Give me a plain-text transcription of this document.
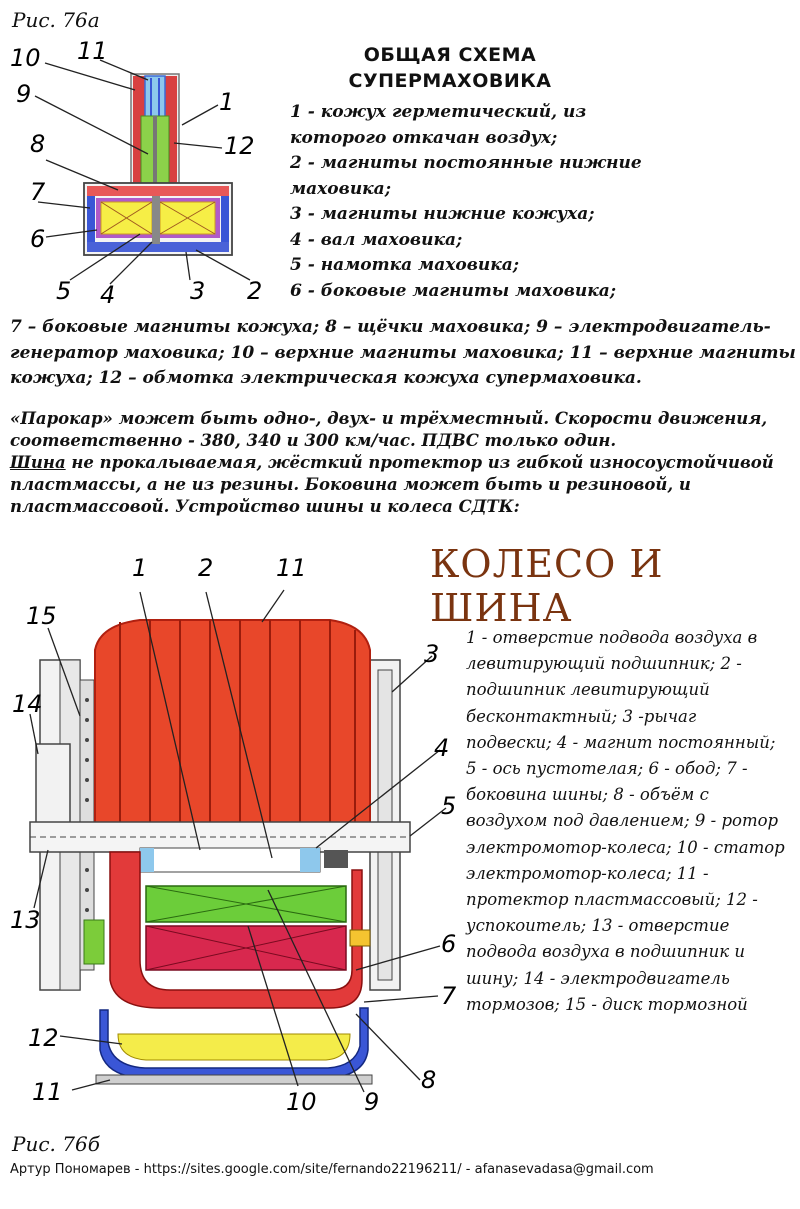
Рис. 76а
10 11
9	1
12
8
7
6
5 4	3 2
ОБЩАЯ СХЕМА
СУПЕРМАХОВИКА
1 - кожух герметический, из
которого откачан воздух;
2 - магниты постоянные нижние
маховика;
3 - магниты нижние кожуха;
4 - вал маховика;
5 - намотка маховика;
6 - боковые магниты маховика;
7 – боковые магниты кожуха; 8 – щёчки маховика; 9 – электродвигатель-
генератор маховика; 10 – верхние магниты маховика; 11 – верхние магниты
кожуха; 12 – обмотка электрическая кожуха супермаховика.
«Парокар» может быть одно-, двух- и трёхместный. Скорости движения,
соответственно - 380, 340 и 300 км/час. ПДВС только один.
Шина не прокалываемая, жёсткий протектор из гибкой износоустойчивой
пластмассы, а не из резины. Боковина может быть и резиновой, и
пластмассовой. Устройство шины и колеса СДТК:
КОЛЕСО И ШИНА
1 2	11
15
3
14
4
5
13
6
7
12
11	10 9
8
1 - отверстие подвода воздуха в
левитирующий подшипник; 2 -
подшипник левитирующий
бесконтактный; 3 -рычаг
подвески; 4 - магнит постоянный;
5 - ось пустотелая; 6 - обод; 7 -
боковина шины; 8 - объём с
воздухом под давлением; 9 - ротор
электромотор-колеса; 10 - статор
электромотор-колеса; 11 -
протектор пластмассовый; 12 -
успокоитель; 13 - отверстие
подвода воздуха в подшипник и
шину; 14 - электродвигатель
тормозов; 15 - диск тормозной
Рис. 76б
Артур Пономарев - https://sites.google.com/site/fernando22196211/ - afanasevadasa@gmail.com
